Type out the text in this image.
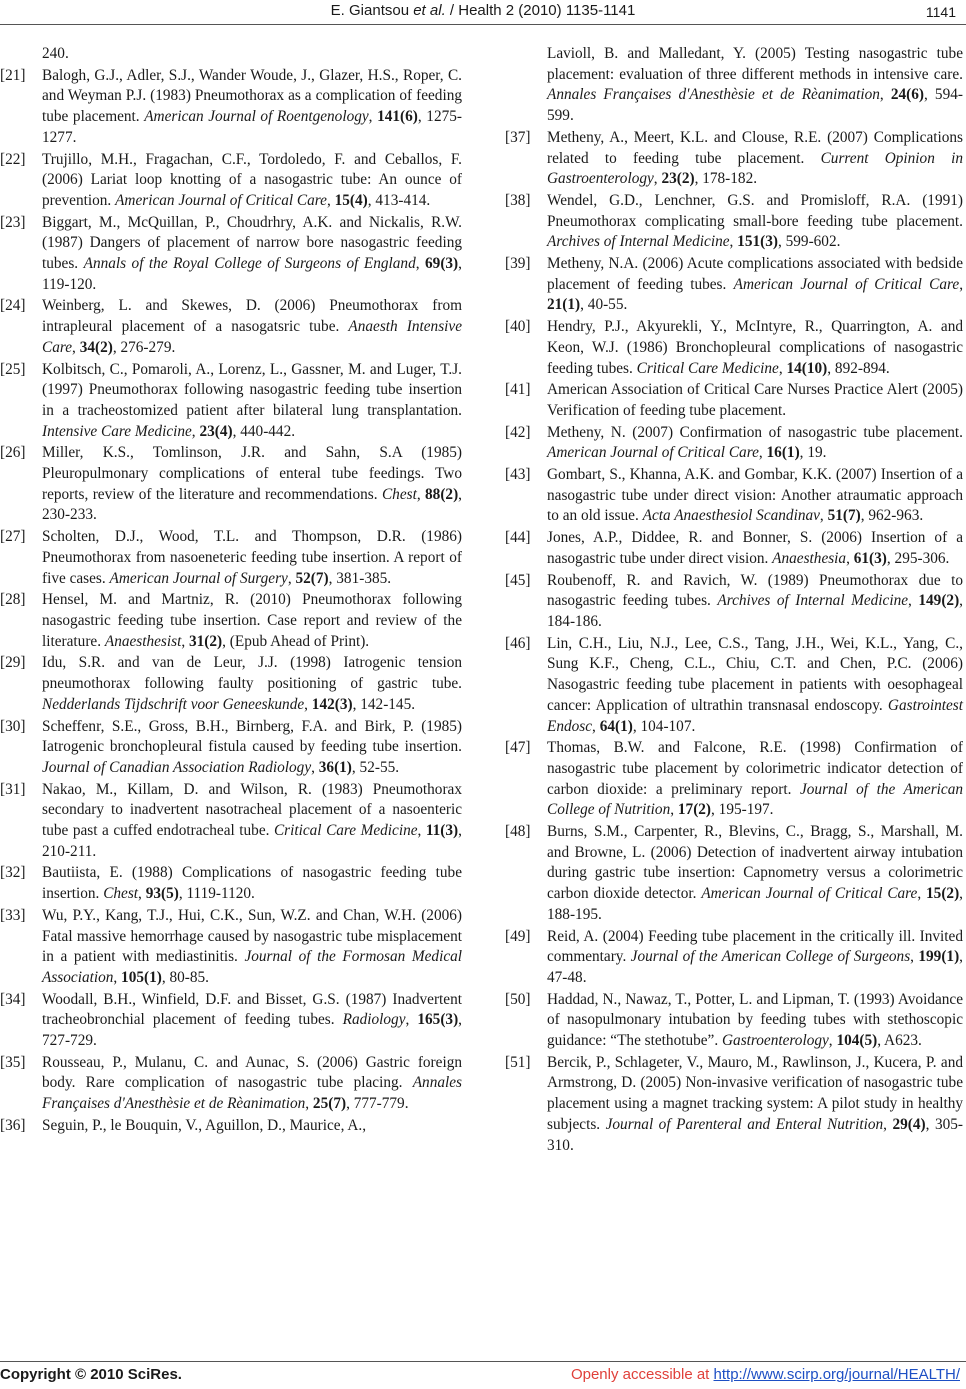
E. Giantsou et al. / Health 2 (2010) 1135-1141	1141
240.
[21] Balogh, G.J., Adler, S.J., Wander Woude, J., Glazer, H.S., Roper, C. and Weyman P.J. (1983) Pneumothorax as a complication of feeding tube placement. American Journal of Roentgenology, 141(6), 1275-1277.
[22] Trujillo, M.H., Fragachan, C.F., Tordoledo, F. and Ceballos, F. (2006) Lariat loop knotting of a nasogastric tube: An ounce of prevention. American Journal of Critical Care, 15(4), 413-414.
[23] Biggart, M., McQuillan, P., Choudrhry, A.K. and Nickalis, R.W. (1987) Dangers of placement of narrow bore nasogastric feeding tubes. Annals of the Royal College of Surgeons of England, 69(3), 119-120.
[24] Weinberg, L. and Skewes, D. (2006) Pneumothorax from intrapleural placement of a nasogatsric tube. Anaesth Intensive Care, 34(2), 276-279.
[25] Kolbitsch, C., Pomaroli, A., Lorenz, L., Gassner, M. and Luger, T.J. (1997) Pneumothorax following nasogastric feeding tube insertion in a tracheostomized patient after bilateral lung transplantation. Intensive Care Medicine, 23(4), 440-442.
[26] Miller, K.S., Tomlinson, J.R. and Sahn, S.A (1985) Pleuropulmonary complications of enteral tube feedings. Two reports, review of the literature and recommendations. Chest, 88(2), 230-233.
[27] Scholten, D.J., Wood, T.L. and Thompson, D.R. (1986) Pneumothorax from nasoeneteric feeding tube insertion. A report of five cases. American Journal of Surgery, 52(7), 381-385.
[28] Hensel, M. and Martniz, R. (2010) Pneumothorax following nasogastric feeding tube insertion. Case report and review of the literature. Anaesthesist, 31(2), (Epub Ahead of Print).
[29] Idu, S.R. and van de Leur, J.J. (1998) Iatrogenic tension pneumothorax following faulty positioning of gastric tube. Nedderlands Tijdschrift voor Geneeskunde, 142(3), 142-145.
[30] Scheffenr, S.E., Gross, B.H., Birnberg, F.A. and Birk, P. (1985) Iatrogenic bronchopleural fistula caused by feeding tube insertion. Journal of Canadian Association Radiology, 36(1), 52-55.
[31] Nakao, M., Killam, D. and Wilson, R. (1983) Pneumothorax secondary to inadvertent nasotracheal placement of a nasoenteric tube past a cuffed endotracheal tube. Critical Care Medicine, 11(3), 210-211.
[32] Bautiista, E. (1988) Complications of nasogastric feeding tube insertion. Chest, 93(5), 1119-1120.
[33] Wu, P.Y., Kang, T.J., Hui, C.K., Sun, W.Z. and Chan, W.H. (2006) Fatal massive hemorrhage caused by nasogastric tube misplacement in a patient with mediastinitis. Journal of the Formosan Medical Association, 105(1), 80-85.
[34] Woodall, B.H., Winfield, D.F. and Bisset, G.S. (1987) Inadvertent tracheobronchial placement of feeding tubes. Radiology, 165(3), 727-729.
[35] Rousseau, P., Mulanu, C. and Aunac, S. (2006) Gastric foreign body. Rare complication of nasogastric tube placing. Annales Françaises d'Anesthèsie et de Rèanimation, 25(7), 777-779.
[36] Seguin, P., le Bouquin, V., Aguillon, D., Maurice, A.,
Lavioll, B. and Malledant, Y. (2005) Testing nasogastric tube placement: evaluation of three different methods in intensive care. Annales Françaises d'Anesthèsie et de Rèanimation, 24(6), 594-599.
[37] Metheny, A., Meert, K.L. and Clouse, R.E. (2007) Complications related to feeding tube placement. Current Opinion in Gastroenterology, 23(2), 178-182.
[38] Wendel, G.D., Lenchner, G.S. and Promisloff, R.A. (1991) Pneumothorax complicating small-bore feeding tube placement. Archives of Internal Medicine, 151(3), 599-602.
[39] Metheny, N.A. (2006) Acute complications associated with bedside placement of feeding tubes. American Journal of Critical Care, 21(1), 40-55.
[40] Hendry, P.J., Akyurekli, Y., McIntyre, R., Quarrington, A. and Keon, W.J. (1986) Bronchopleural complications of nasogastric feeding tubes. Critical Care Medicine, 14(10), 892-894.
[41] American Association of Critical Care Nurses Practice Alert (2005) Verification of feeding tube placement.
[42] Metheny, N. (2007) Confirmation of nasogastric tube placement. American Journal of Critical Care, 16(1), 19.
[43] Gombart, S., Khanna, A.K. and Gombar, K.K. (2007) Insertion of a nasogastric tube under direct vision: Another atraumatic approach to an old issue. Acta Anaesthesiol Scandinav, 51(7), 962-963.
[44] Jones, A.P., Diddee, R. and Bonner, S. (2006) Insertion of a nasogastric tube under direct vision. Anaesthesia, 61(3), 295-306.
[45] Roubenoff, R. and Ravich, W. (1989) Pneumothorax due to nasogastric feeding tubes. Archives of Internal Medicine, 149(2), 184-186.
[46] Lin, C.H., Liu, N.J., Lee, C.S., Tang, J.H., Wei, K.L., Yang, C., Sung K.F., Cheng, C.L., Chiu, C.T. and Chen, P.C. (2006) Nasogastric feeding tube placement in patients with oesophageal cancer: Application of ultrathin transnasal endoscopy. Gastrointest Endosc, 64(1), 104-107.
[47] Thomas, B.W. and Falcone, R.E. (1998) Confirmation of nasogastric tube placement by colorimetric indicator detection of carbon dioxide: a preliminary report. Journal of the American College of Nutrition, 17(2), 195-197.
[48] Burns, S.M., Carpenter, R., Blevins, C., Bragg, S., Marshall, M. and Browne, L. (2006) Detection of inadvertent airway intubation during gastric tube insertion: Capnometry versus a colorimetric carbon dioxide detector. American Journal of Critical Care, 15(2), 188-195.
[49] Reid, A. (2004) Feeding tube placement in the critically ill. Invited commentary. Journal of the American College of Surgeons, 199(1), 47-48.
[50] Haddad, N., Nawaz, T., Potter, L. and Lipman, T. (1993) Avoidance of nasopulmonary intubation by feeding tubes with stethoscopic guidance: “The stethotube”. Gastroenterology, 104(5), A623.
[51] Bercik, P., Schlageter, V., Mauro, M., Rawlinson, J., Kucera, P. and Armstrong, D. (2005) Non-invasive verification of nasogastric tube placement using a magnet tracking system: A pilot study in healthy subjects. Journal of Parenteral and Enteral Nutrition, 29(4), 305-310.
Copyright © 2010 SciRes.	Openly accessible at http://www.scirp.org/journal/HEALTH/
